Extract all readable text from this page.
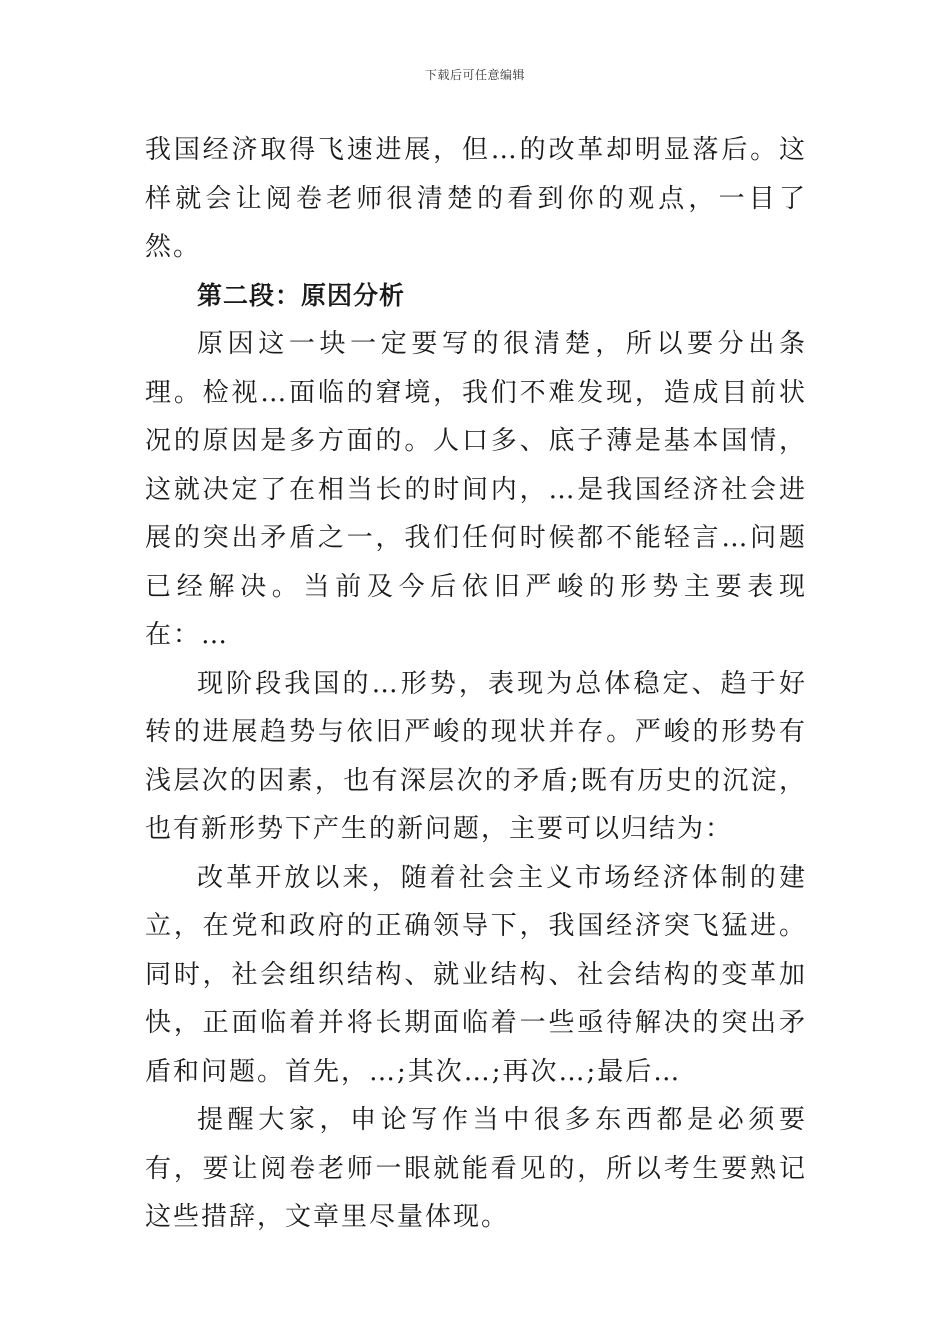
下载后可任意编辑

我国经济取得飞速进展，但…的改革却明显落后。这样就会让阅卷老师很清楚的看到你的观点，一目了然。

第二段：原因分析

原因这一块一定要写的很清楚，所以要分出条理。检视…面临的窘境，我们不难发现，造成目前状况的原因是多方面的。人口多、底子薄是基本国情，这就决定了在相当长的时间内，…是我国经济社会进展的突出矛盾之一，我们任何时候都不能轻言…问题已经解决。当前及今后依旧严峻的形势主要表现在：…

现阶段我国的…形势，表现为总体稳定、趋于好转的进展趋势与依旧严峻的现状并存。严峻的形势有浅层次的因素，也有深层次的矛盾;既有历史的沉淀，也有新形势下产生的新问题，主要可以归结为：

改革开放以来，随着社会主义市场经济体制的建立，在党和政府的正确领导下，我国经济突飞猛进。同时，社会组织结构、就业结构、社会结构的变革加快，正面临着并将长期面临着一些亟待解决的突出矛盾和问题。首先，…;其次…;再次…;最后…

提醒大家，申论写作当中很多东西都是必须要有，要让阅卷老师一眼就能看见的，所以考生要熟记这些措辞，文章里尽量体现。
